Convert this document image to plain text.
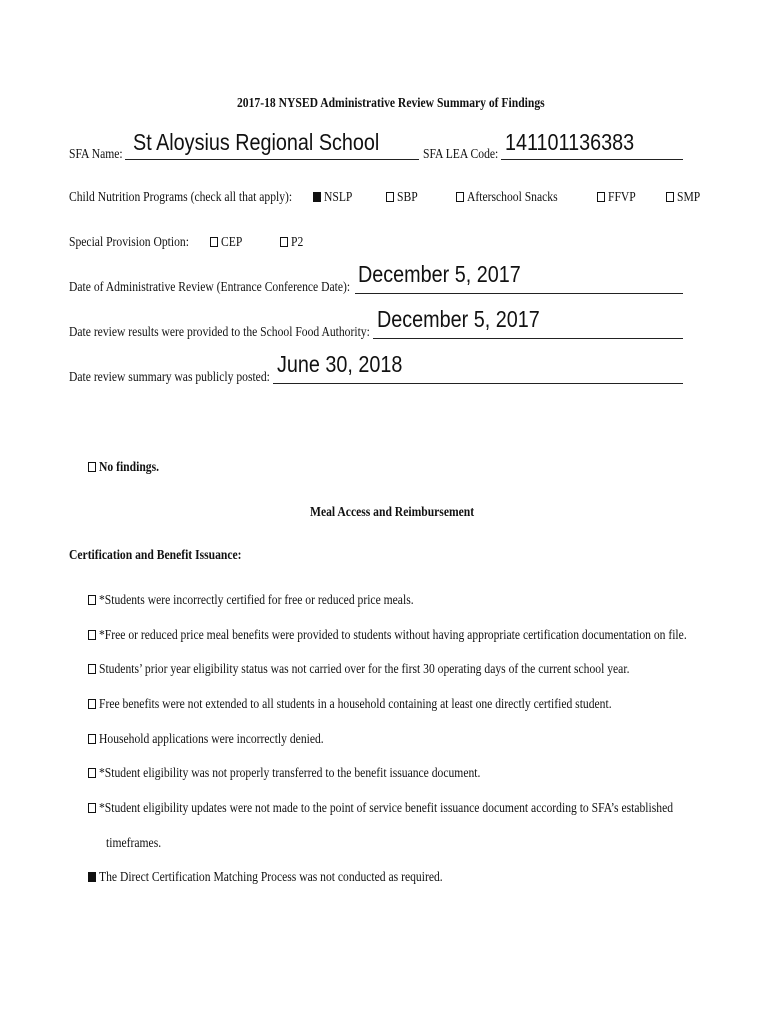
2017-18 NYSED Administrative Review Summary of Findings
SFA Name: St Aloysius Regional School	SFA LEA Code: 141101136383
Child Nutrition Programs (check all that apply):	NSLP	SBP	Afterschool Snacks	FFVP	SMP
Special Provision Option:	CEP	P2
Date of Administrative Review (Entrance Conference Date): December 5, 2017
Date review results were provided to the School Food Authority: December 5, 2017
Date review summary was publicly posted: June 30, 2018
No findings.
Meal Access and Reimbursement
Certification and Benefit Issuance:
*Students were incorrectly certified for free or reduced price meals.
*Free or reduced price meal benefits were provided to students without having appropriate certification documentation on file.
Students’ prior year eligibility status was not carried over for the first 30 operating days of the current school year.
Free benefits were not extended to all students in a household containing at least one directly certified student.
Household applications were incorrectly denied.
*Student eligibility was not properly transferred to the benefit issuance document.
*Student eligibility updates were not made to the point of service benefit issuance document according to SFA’s established
timeframes.
The Direct Certification Matching Process was not conducted as required.
